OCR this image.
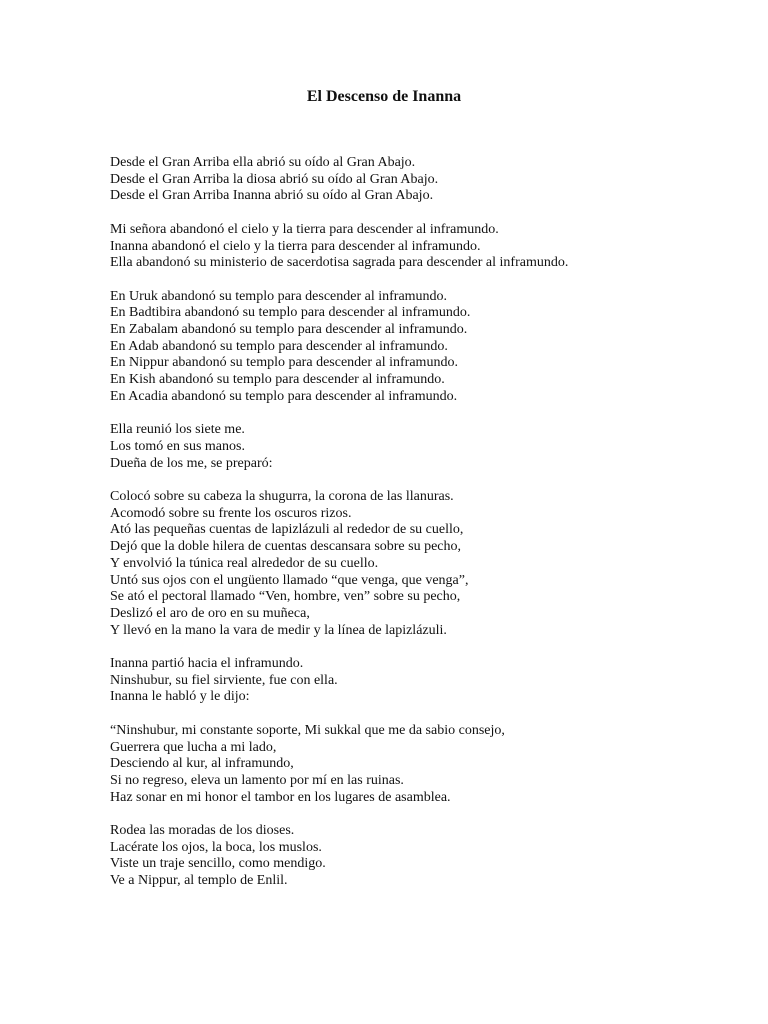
El Descenso de Inanna
Desde el Gran Arriba ella abrió su oído al Gran Abajo.
Desde el Gran Arriba la diosa abrió su oído al Gran Abajo.
Desde el Gran Arriba Inanna abrió su oído al Gran Abajo.
Mi señora abandonó el cielo y la tierra para descender al inframundo.
Inanna abandonó el cielo y la tierra para descender al inframundo.
Ella abandonó su ministerio de sacerdotisa sagrada para descender al inframundo.
En Uruk abandonó su templo para descender al inframundo.
En Badtibira abandonó su templo para descender al inframundo.
En Zabalam abandonó su templo para descender al inframundo.
En Adab abandonó su templo para descender al inframundo.
En Nippur abandonó su templo para descender al inframundo.
En Kish abandonó su templo para descender al inframundo.
En Acadia abandonó su templo para descender al inframundo.
Ella reunió los siete me.
Los tomó en sus manos.
Dueña de los me, se preparó:
Colocó sobre su cabeza la shugurra, la corona de las llanuras.
Acomodó sobre su frente los oscuros rizos.
Ató las pequeñas cuentas de lapizlázuli al rededor de su cuello,
Dejó que la doble hilera de cuentas descansara sobre su pecho,
Y envolvió la túnica real alrededor de su cuello.
Untó sus ojos con el ungüento llamado “que venga, que venga”,
Se ató el pectoral llamado “Ven, hombre, ven” sobre su pecho,
Deslizó el aro de oro en su muñeca,
Y llevó en la mano la vara de medir y la línea de lapizlázuli.
Inanna partió hacia el inframundo.
Ninshubur, su fiel sirviente, fue con ella.
Inanna le habló y le dijo:
“Ninshubur, mi constante soporte, Mi sukkal que me da sabio consejo,
Guerrera que lucha a mi lado,
Desciendo al kur, al inframundo,
Si no regreso, eleva un lamento por mí en las ruinas.
Haz sonar en mi honor el tambor en los lugares de asamblea.
Rodea las moradas de los dioses.
Lacérate los ojos, la boca, los muslos.
Viste un traje sencillo, como mendigo.
Ve a Nippur, al templo de Enlil.
